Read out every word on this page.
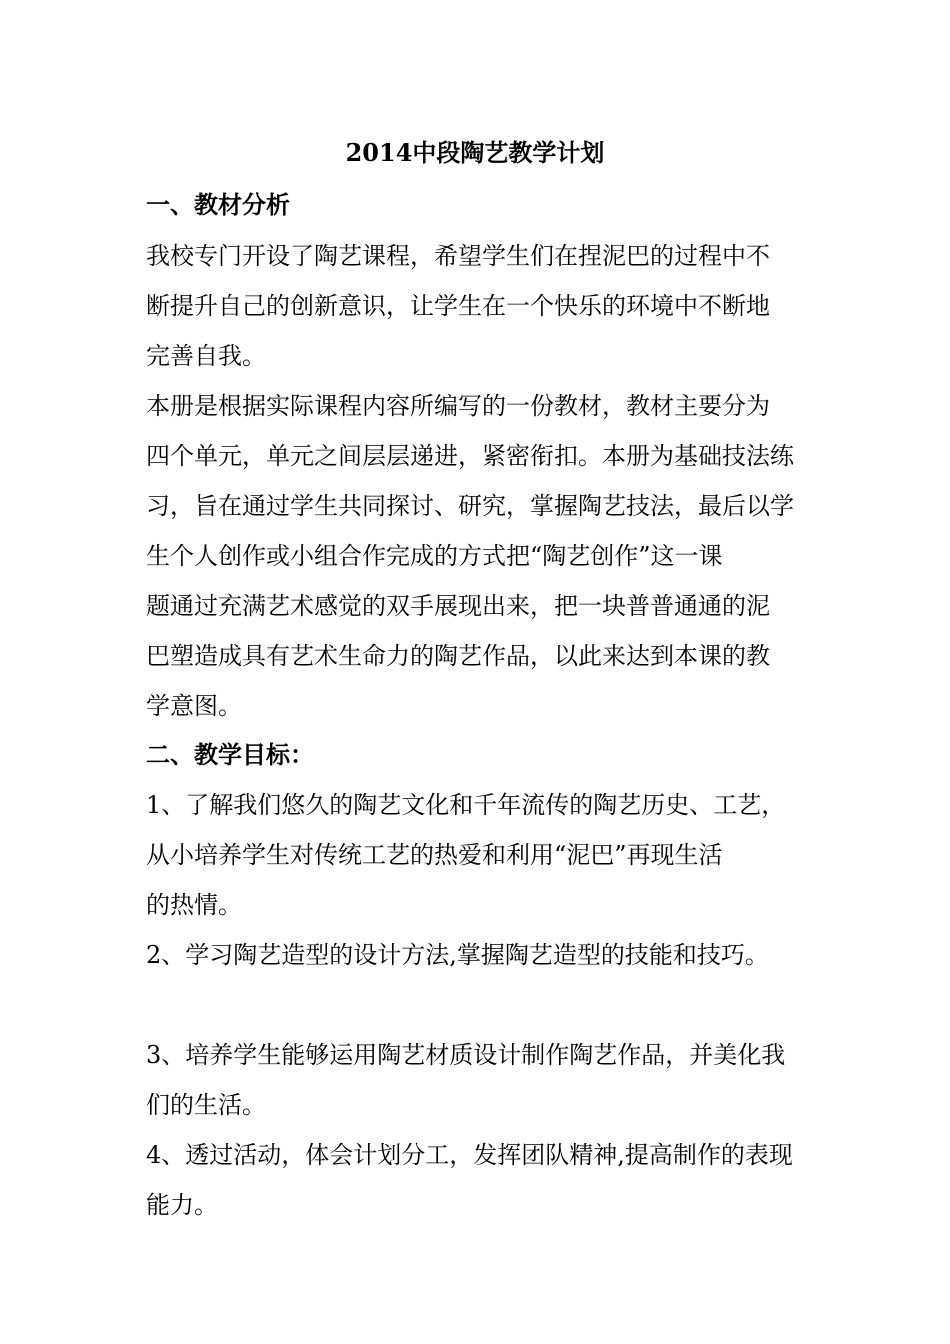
2014中段陶艺教学计划
一、教材分析
我校专门开设了陶艺课程，希望学生们在捏泥巴的过程中不
断提升自己的创新意识，让学生在一个快乐的环境中不断地
完善自我。
本册是根据实际课程内容所编写的一份教材，教材主要分为
四个单元，单元之间层层递进，紧密衔扣。本册为基础技法练
习，旨在通过学生共同探讨、研究，掌握陶艺技法，最后以学
生个人创作或小组合作完成的方式把“陶艺创作”这一课
题通过充满艺术感觉的双手展现出来，把一块普普通通的泥
巴塑造成具有艺术生命力的陶艺作品，以此来达到本课的教
学意图。
二、教学目标：
1、了解我们悠久的陶艺文化和千年流传的陶艺历史、工艺，
从小培养学生对传统工艺的热爱和利用“泥巴”再现生活
的热情。
2、学习陶艺造型的设计方法,掌握陶艺造型的技能和技巧。
3、培养学生能够运用陶艺材质设计制作陶艺作品，并美化我
们的生活。
4、透过活动，体会计划分工，发挥团队精神,提高制作的表现
能力。
